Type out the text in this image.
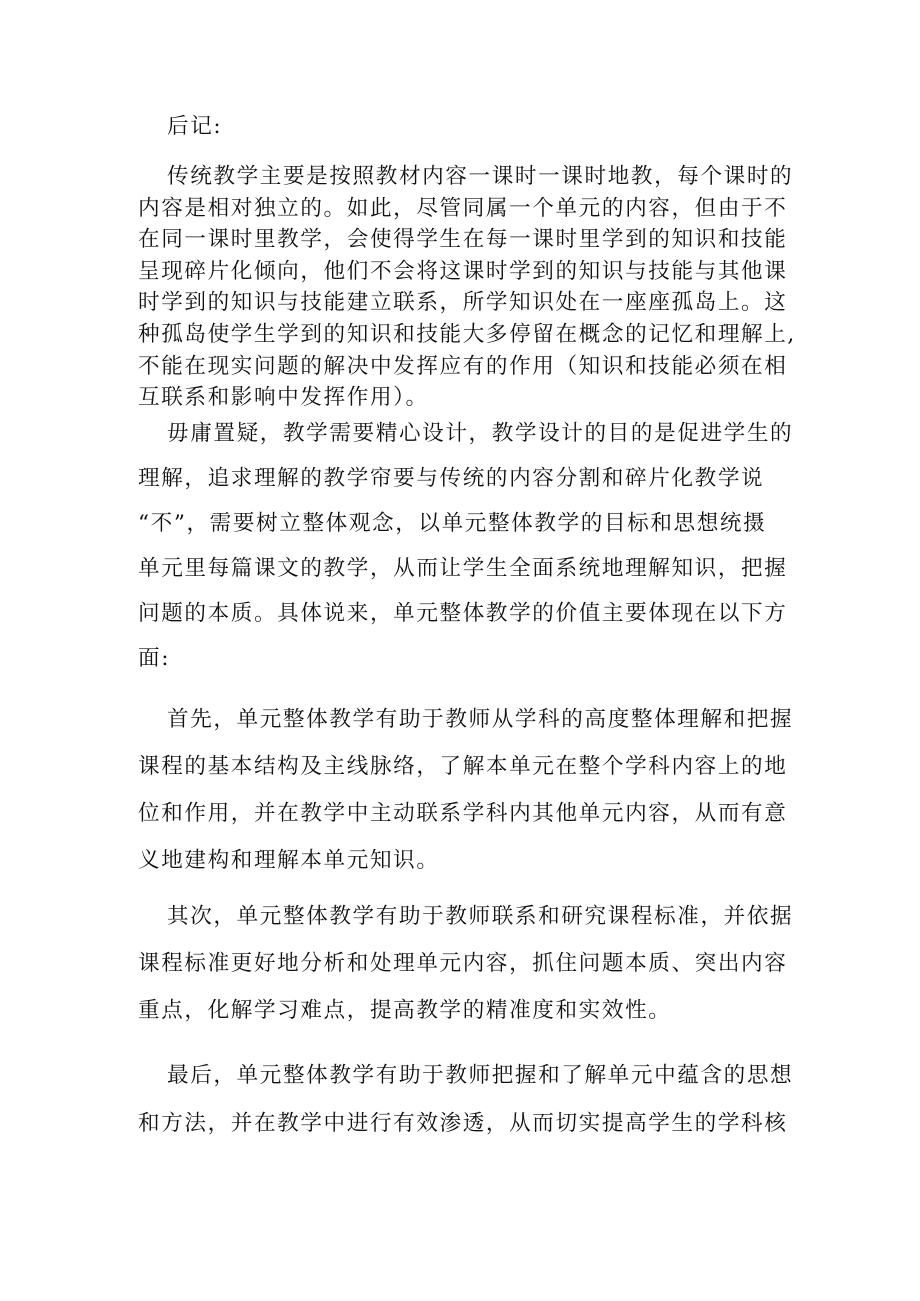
后记:

传统教学主要是按照教材内容一课时一课时地教，每个课时的
内容是相对独立的。如此，尽管同属一个单元的内容，但由于不
在同一课时里教学，会使得学生在每一课时里学到的知识和技能
呈现碎片化倾向，他们不会将这课时学到的知识与技能与其他课
时学到的知识与技能建立联系，所学知识处在一座座孤岛上。这
种孤岛使学生学到的知识和技能大多停留在概念的记忆和理解上,
不能在现实问题的解决中发挥应有的作用（知识和技能必须在相
互联系和影响中发挥作用）。

毋庸置疑，教学需要精心设计，教学设计的目的是促进学生的
理解，追求理解的教学帘要与传统的内容分割和碎片化教学说
“不”，需要树立整体观念，以单元整体教学的目标和思想统摄
单元里每篇课文的教学，从而让学生全面系统地理解知识，把握
问题的本质。具体说来，单元整体教学的价值主要体现在以下方
面:

首先，单元整体教学有助于教师从学科的高度整体理解和把握
课程的基本结构及主线脉络，了解本单元在整个学科内容上的地
位和作用，并在教学中主动联系学科内其他单元内容，从而有意
义地建构和理解本单元知识。

其次，单元整体教学有助于教师联系和研究课程标准，并依据
课程标准更好地分析和处理单元内容，抓住问题本质、突出内容
重点，化解学习难点，提高教学的精准度和实效性。

最后，单元整体教学有助于教师把握和了解单元中蕴含的思想
和方法，并在教学中进行有效渗透，从而切实提高学生的学科核
